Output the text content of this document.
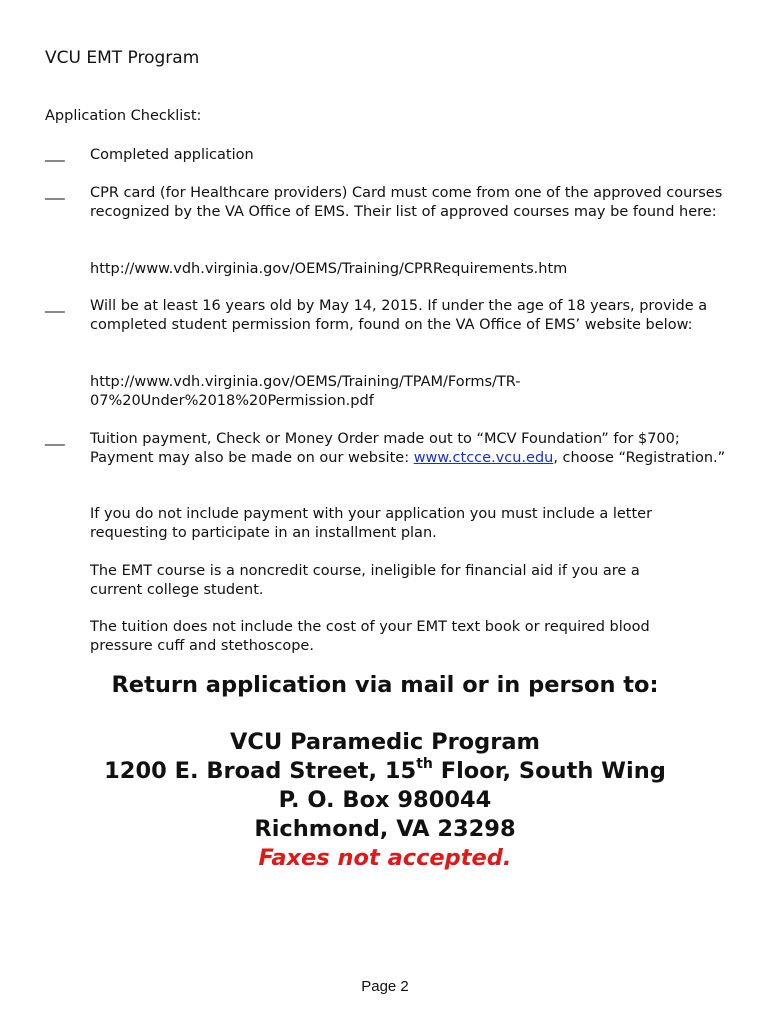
VCU EMT Program
Application Checklist:
___ Completed application
___ CPR card (for Healthcare providers) Card must come from one of the approved courses recognized by the VA Office of EMS. Their list of approved courses may be found here:
http://www.vdh.virginia.gov/OEMS/Training/CPRRequirements.htm
___ Will be at least 16 years old by May 14, 2015. If under the age of 18 years, provide a completed student permission form, found on the VA Office of EMS’ website below:
http://www.vdh.virginia.gov/OEMS/Training/TPAM/Forms/TR-
07%20Under%2018%20Permission.pdf
___ Tuition payment, Check or Money Order made out to “MCV Foundation” for $700; Payment may also be made on our website: www.ctcce.vcu.edu, choose “Registration.”
If you do not include payment with your application you must include a letter requesting to participate in an installment plan.
The EMT course is a noncredit course, ineligible for financial aid if you are a current college student.
The tuition does not include the cost of your EMT text book or required blood pressure cuff and stethoscope.
Return application via mail or in person to:
VCU Paramedic Program
1200 E. Broad Street, 15th Floor, South Wing
P. O. Box 980044
Richmond, VA 23298
Faxes not accepted.
Page 2
